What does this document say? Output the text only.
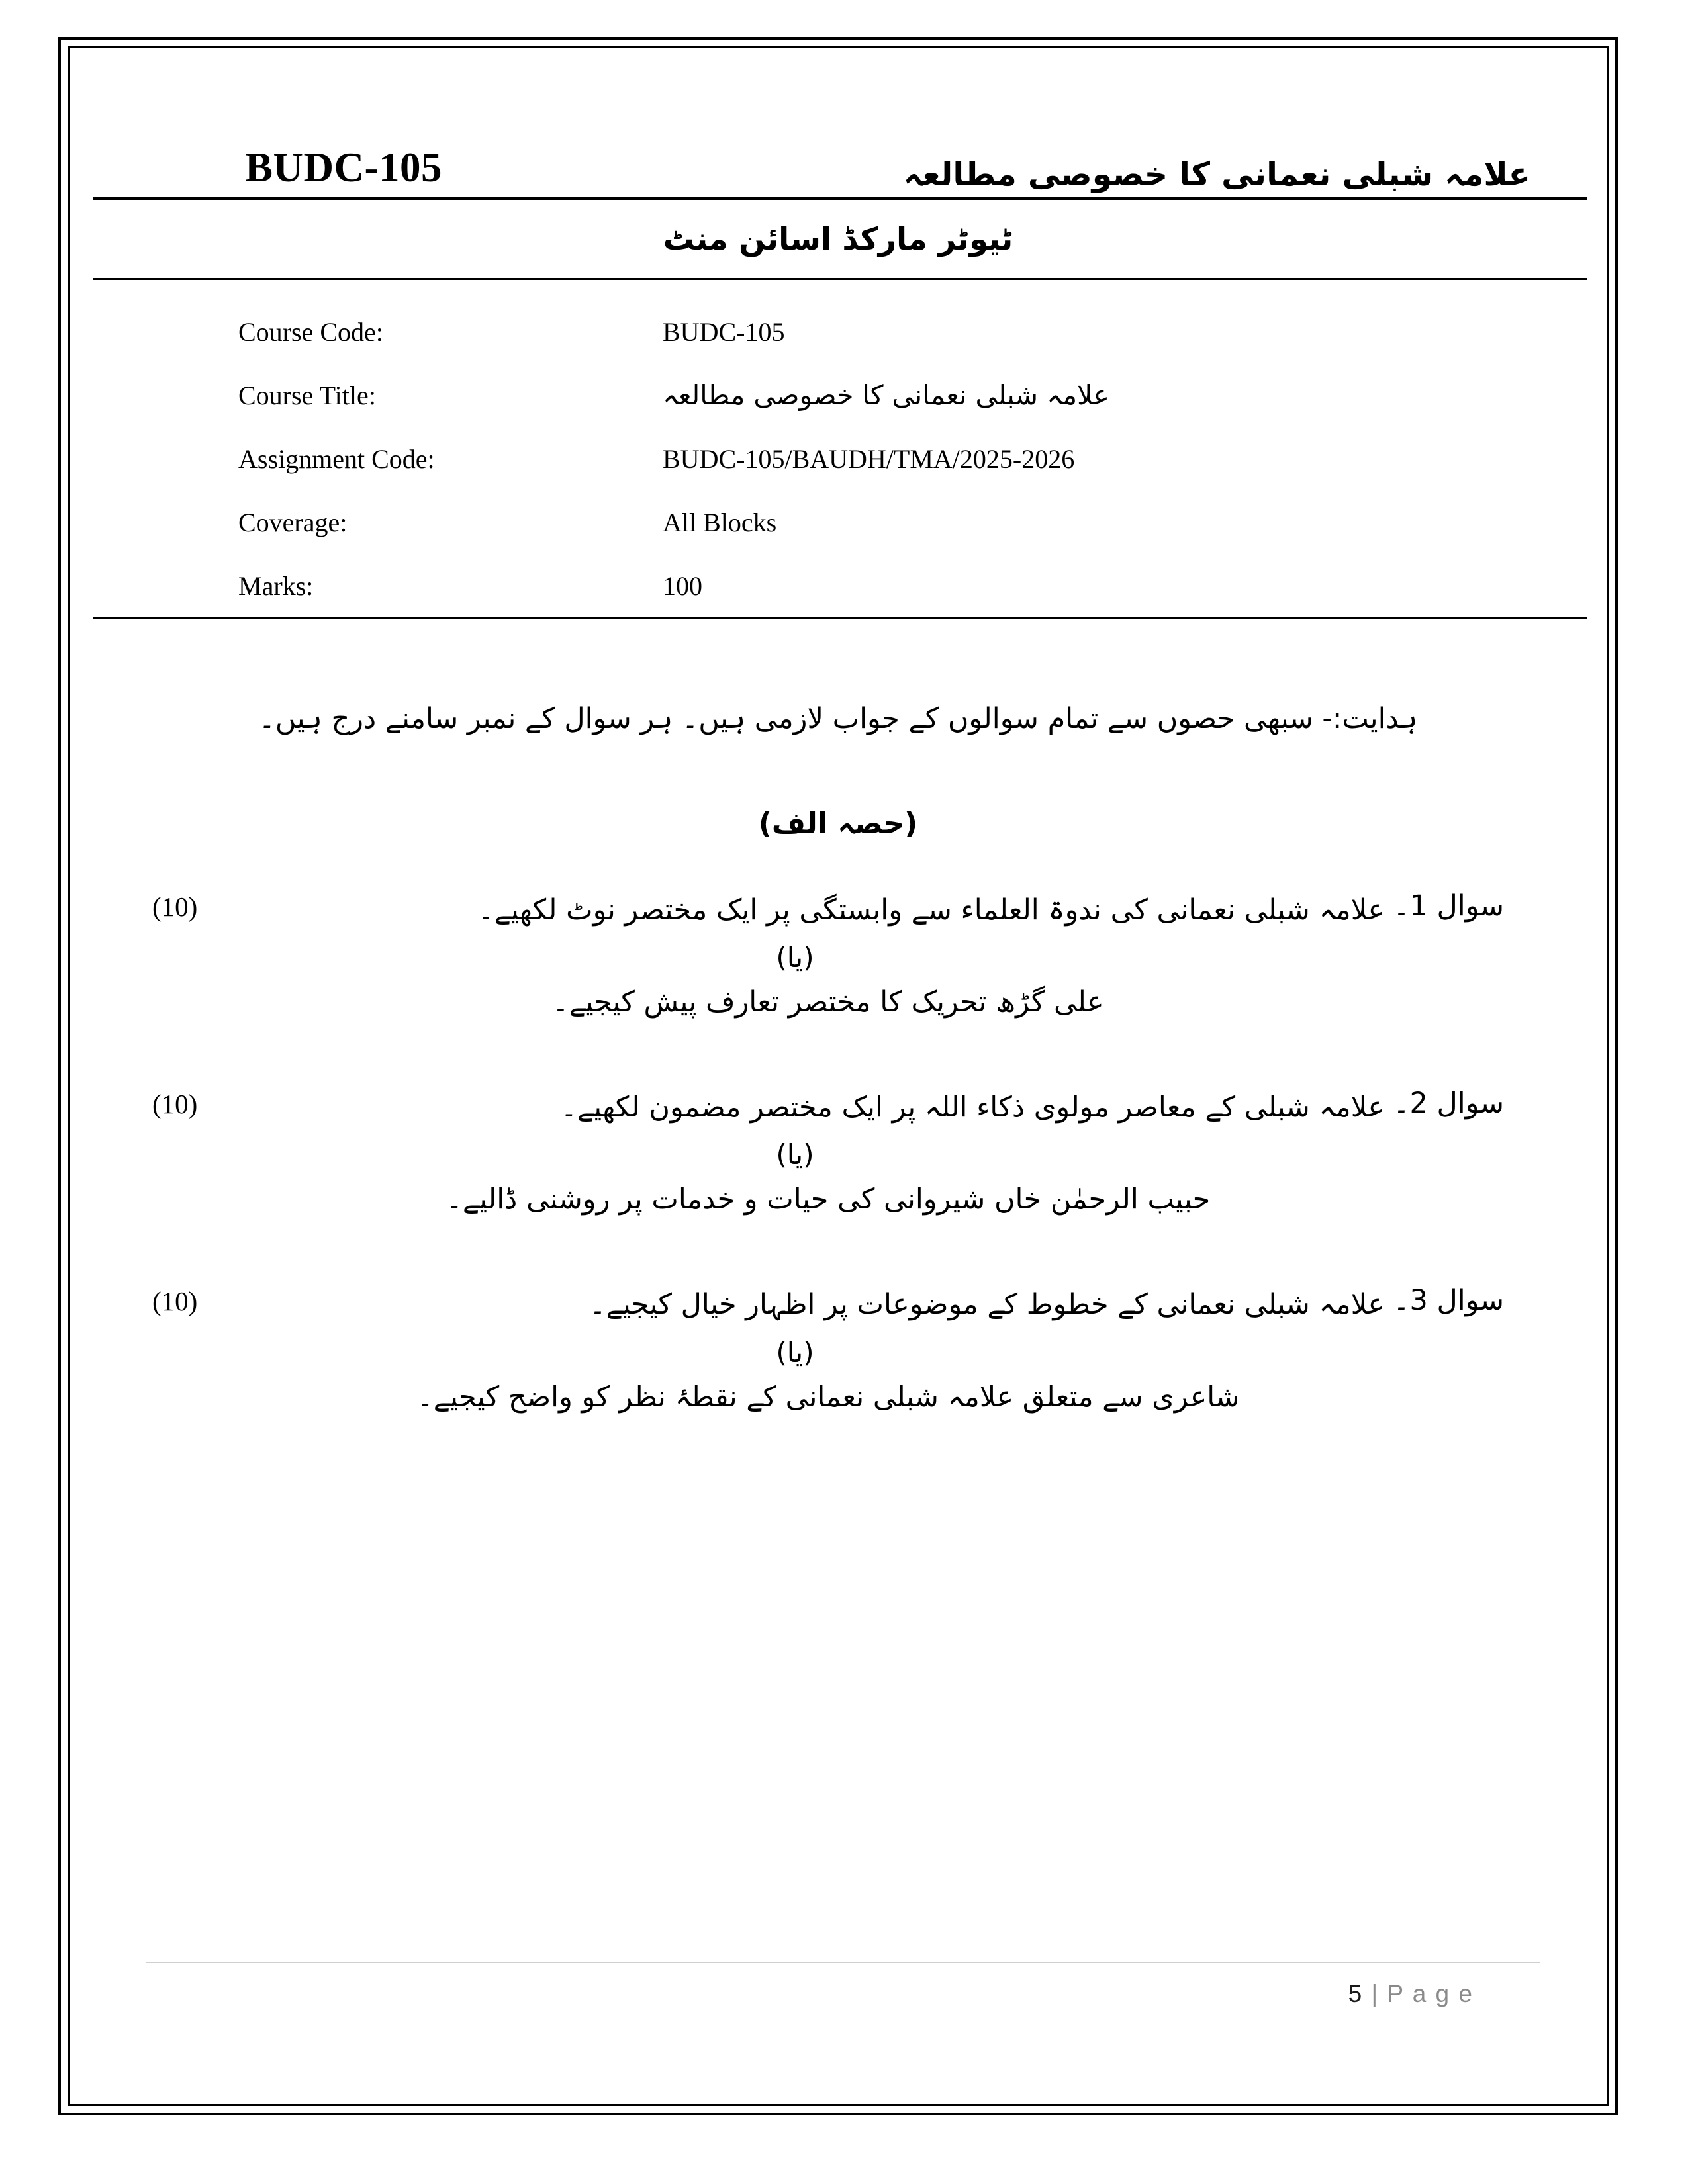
BUDC-105	علامہ شبلی نعمانی کا خصوصی مطالعہ
ٹیوٹر مارکڈ اسائن منٹ
Course Code:	BUDC-105
Course Title:	علامہ شبلی نعمانی کا خصوصی مطالعہ
Assignment Code:	BUDC-105/BAUDH/TMA/2025-2026
Coverage:	All Blocks
Marks:	100
ہدایت:- سبھی حصوں سے تمام سوالوں کے جواب لازمی ہیں۔ ہر سوال کے نمبر سامنے درج ہیں۔
(حصہ الف)
سوال 1۔
علامہ شبلی نعمانی کی ندوۃ العلماء سے وابستگی پر ایک مختصر نوٹ لکھیے۔
(10)
(یا)
علی گڑھ تحریک کا مختصر تعارف پیش کیجیے۔
سوال 2۔
علامہ شبلی کے معاصر مولوی ذکاء اللہ پر ایک مختصر مضمون لکھیے۔
(10)
(یا)
حبیب الرحمٰن خاں شیروانی کی حیات و خدمات پر روشنی ڈالیے۔
سوال 3۔
علامہ شبلی نعمانی کے خطوط کے موضوعات پر اظہار خیال کیجیے۔
(10)
(یا)
شاعری سے متعلق علامہ شبلی نعمانی کے نقطۂ نظر کو واضح کیجیے۔
5 | P a g e
